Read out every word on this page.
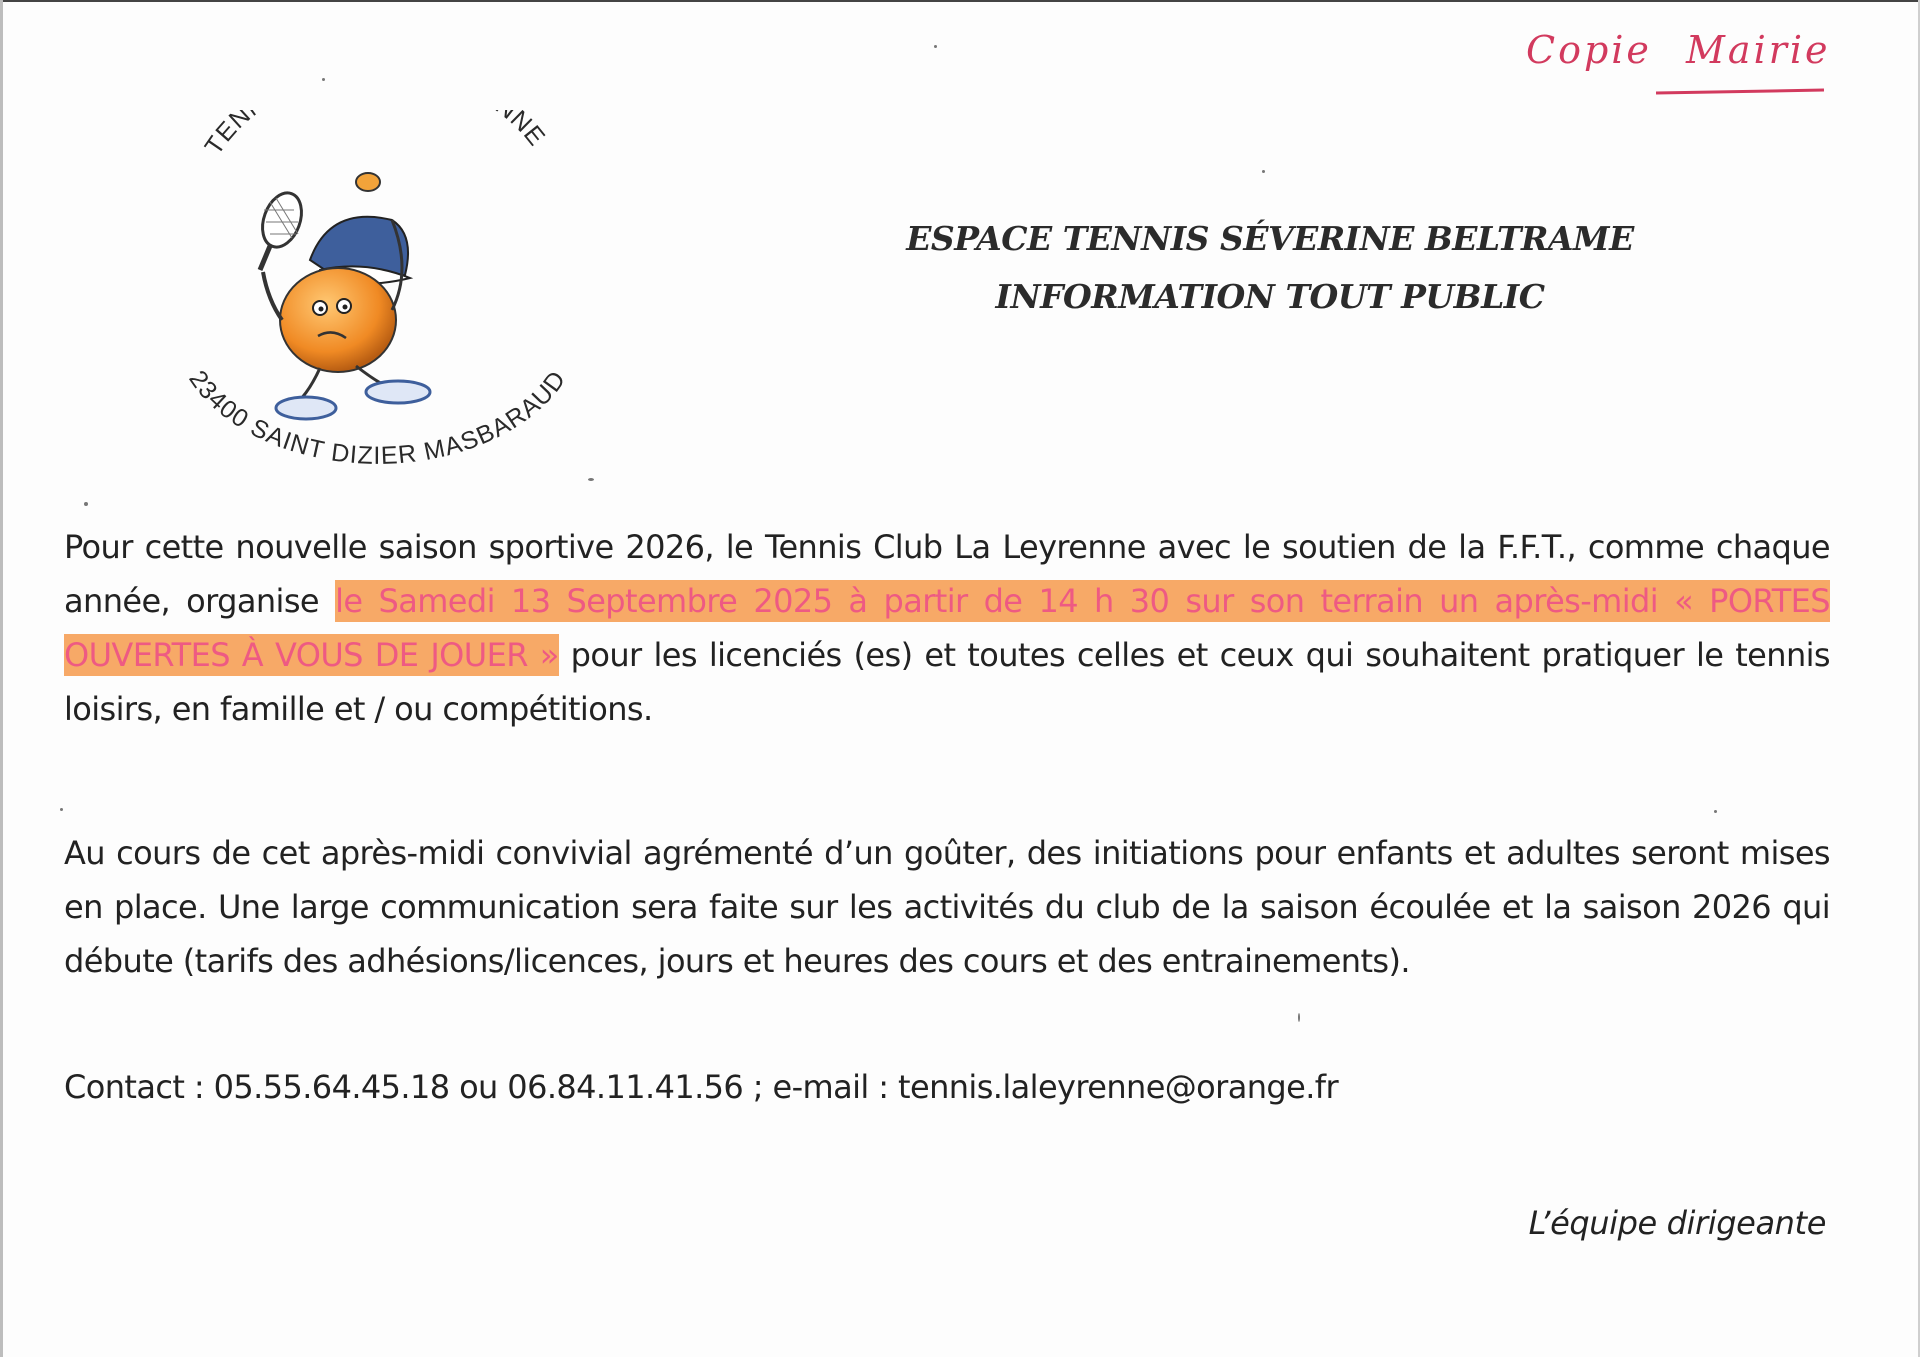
Copie Mairie
TEN NE
23400 SAINT DIZIER MASBARAUD
ESPACE TENNIS SÉVERINE BELTRAME
INFORMATION TOUT PUBLIC
Pour cette nouvelle saison sportive 2026, le Tennis Club La Leyrenne avec le soutien de la F.F.T., comme chaque année, organise le Samedi 13 Septembre 2025 à partir de 14 h 30 sur son terrain un après-midi « PORTES OUVERTES À VOUS DE JOUER » pour les licenciés (es) et toutes celles et ceux qui souhaitent pratiquer le tennis loisirs, en famille et / ou compétitions.
Au cours de cet après-midi convivial agrémenté d’un goûter, des initiations pour enfants et adultes seront mises en place. Une large communication sera faite sur les activités du club de la saison écoulée et la saison 2026 qui débute (tarifs des adhésions/licences, jours et heures des cours et des entrainements).
Contact : 05.55.64.45.18 ou 06.84.11.41.56 ; e-mail : tennis.laleyrenne@orange.fr
L’équipe dirigeante
